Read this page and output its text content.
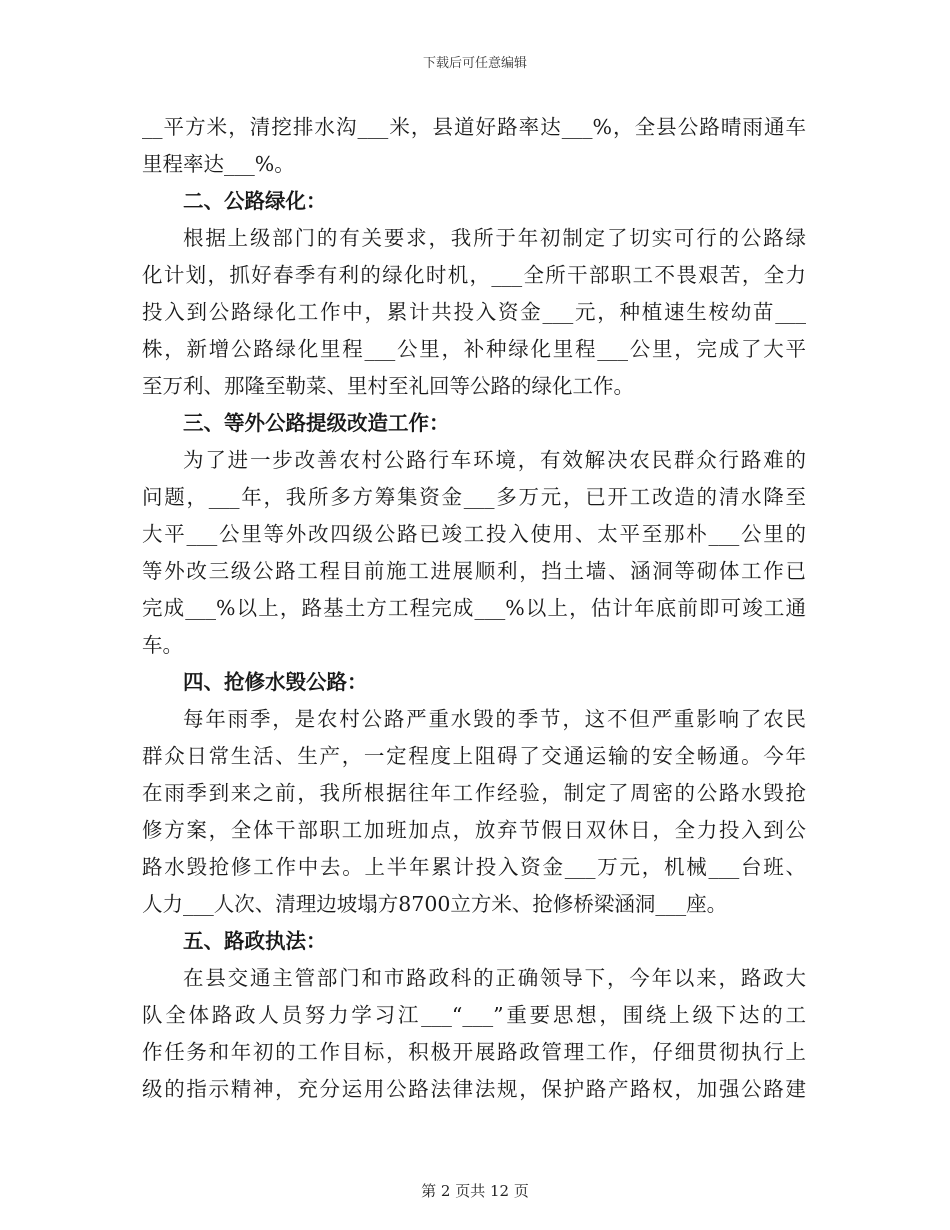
下载后可任意编辑
__平方米，清挖排水沟___米，县道好路率达___%，全县公路晴雨通车
里程率达___%。
二、公路绿化：
根据上级部门的有关要求，我所于年初制定了切实可行的公路绿
化计划，抓好春季有利的绿化时机，___全所干部职工不畏艰苦，全力
投入到公路绿化工作中，累计共投入资金___元，种植速生桉幼苗___
株，新增公路绿化里程___公里，补种绿化里程___公里，完成了大平
至万利、那隆至勒菜、里村至礼回等公路的绿化工作。
三、等外公路提级改造工作：
为了进一步改善农村公路行车环境，有效解决农民群众行路难的
问题，___年，我所多方筹集资金___多万元，已开工改造的清水降至
大平___公里等外改四级公路已竣工投入使用、太平至那朴___公里的
等外改三级公路工程目前施工进展顺利，挡土墙、涵洞等砌体工作已
完成___%以上，路基土方工程完成___%以上，估计年底前即可竣工通
车。
四、抢修水毁公路：
每年雨季，是农村公路严重水毁的季节，这不但严重影响了农民
群众日常生活、生产，一定程度上阻碍了交通运输的安全畅通。今年
在雨季到来之前，我所根据往年工作经验，制定了周密的公路水毁抢
修方案，全体干部职工加班加点，放弃节假日双休日，全力投入到公
路水毁抢修工作中去。上半年累计投入资金___万元，机械___台班、
人力___人次、清理边坡塌方8700立方米、抢修桥梁涵洞___座。
五、路政执法：
在县交通主管部门和市路政科的正确领导下，今年以来，路政大
队全体路政人员努力学习江___“___”重要思想，围绕上级下达的工
作任务和年初的工作目标，积极开展路政管理工作，仔细贯彻执行上
级的指示精神，充分运用公路法律法规，保护路产路权，加强公路建
第 2 页共 12 页
